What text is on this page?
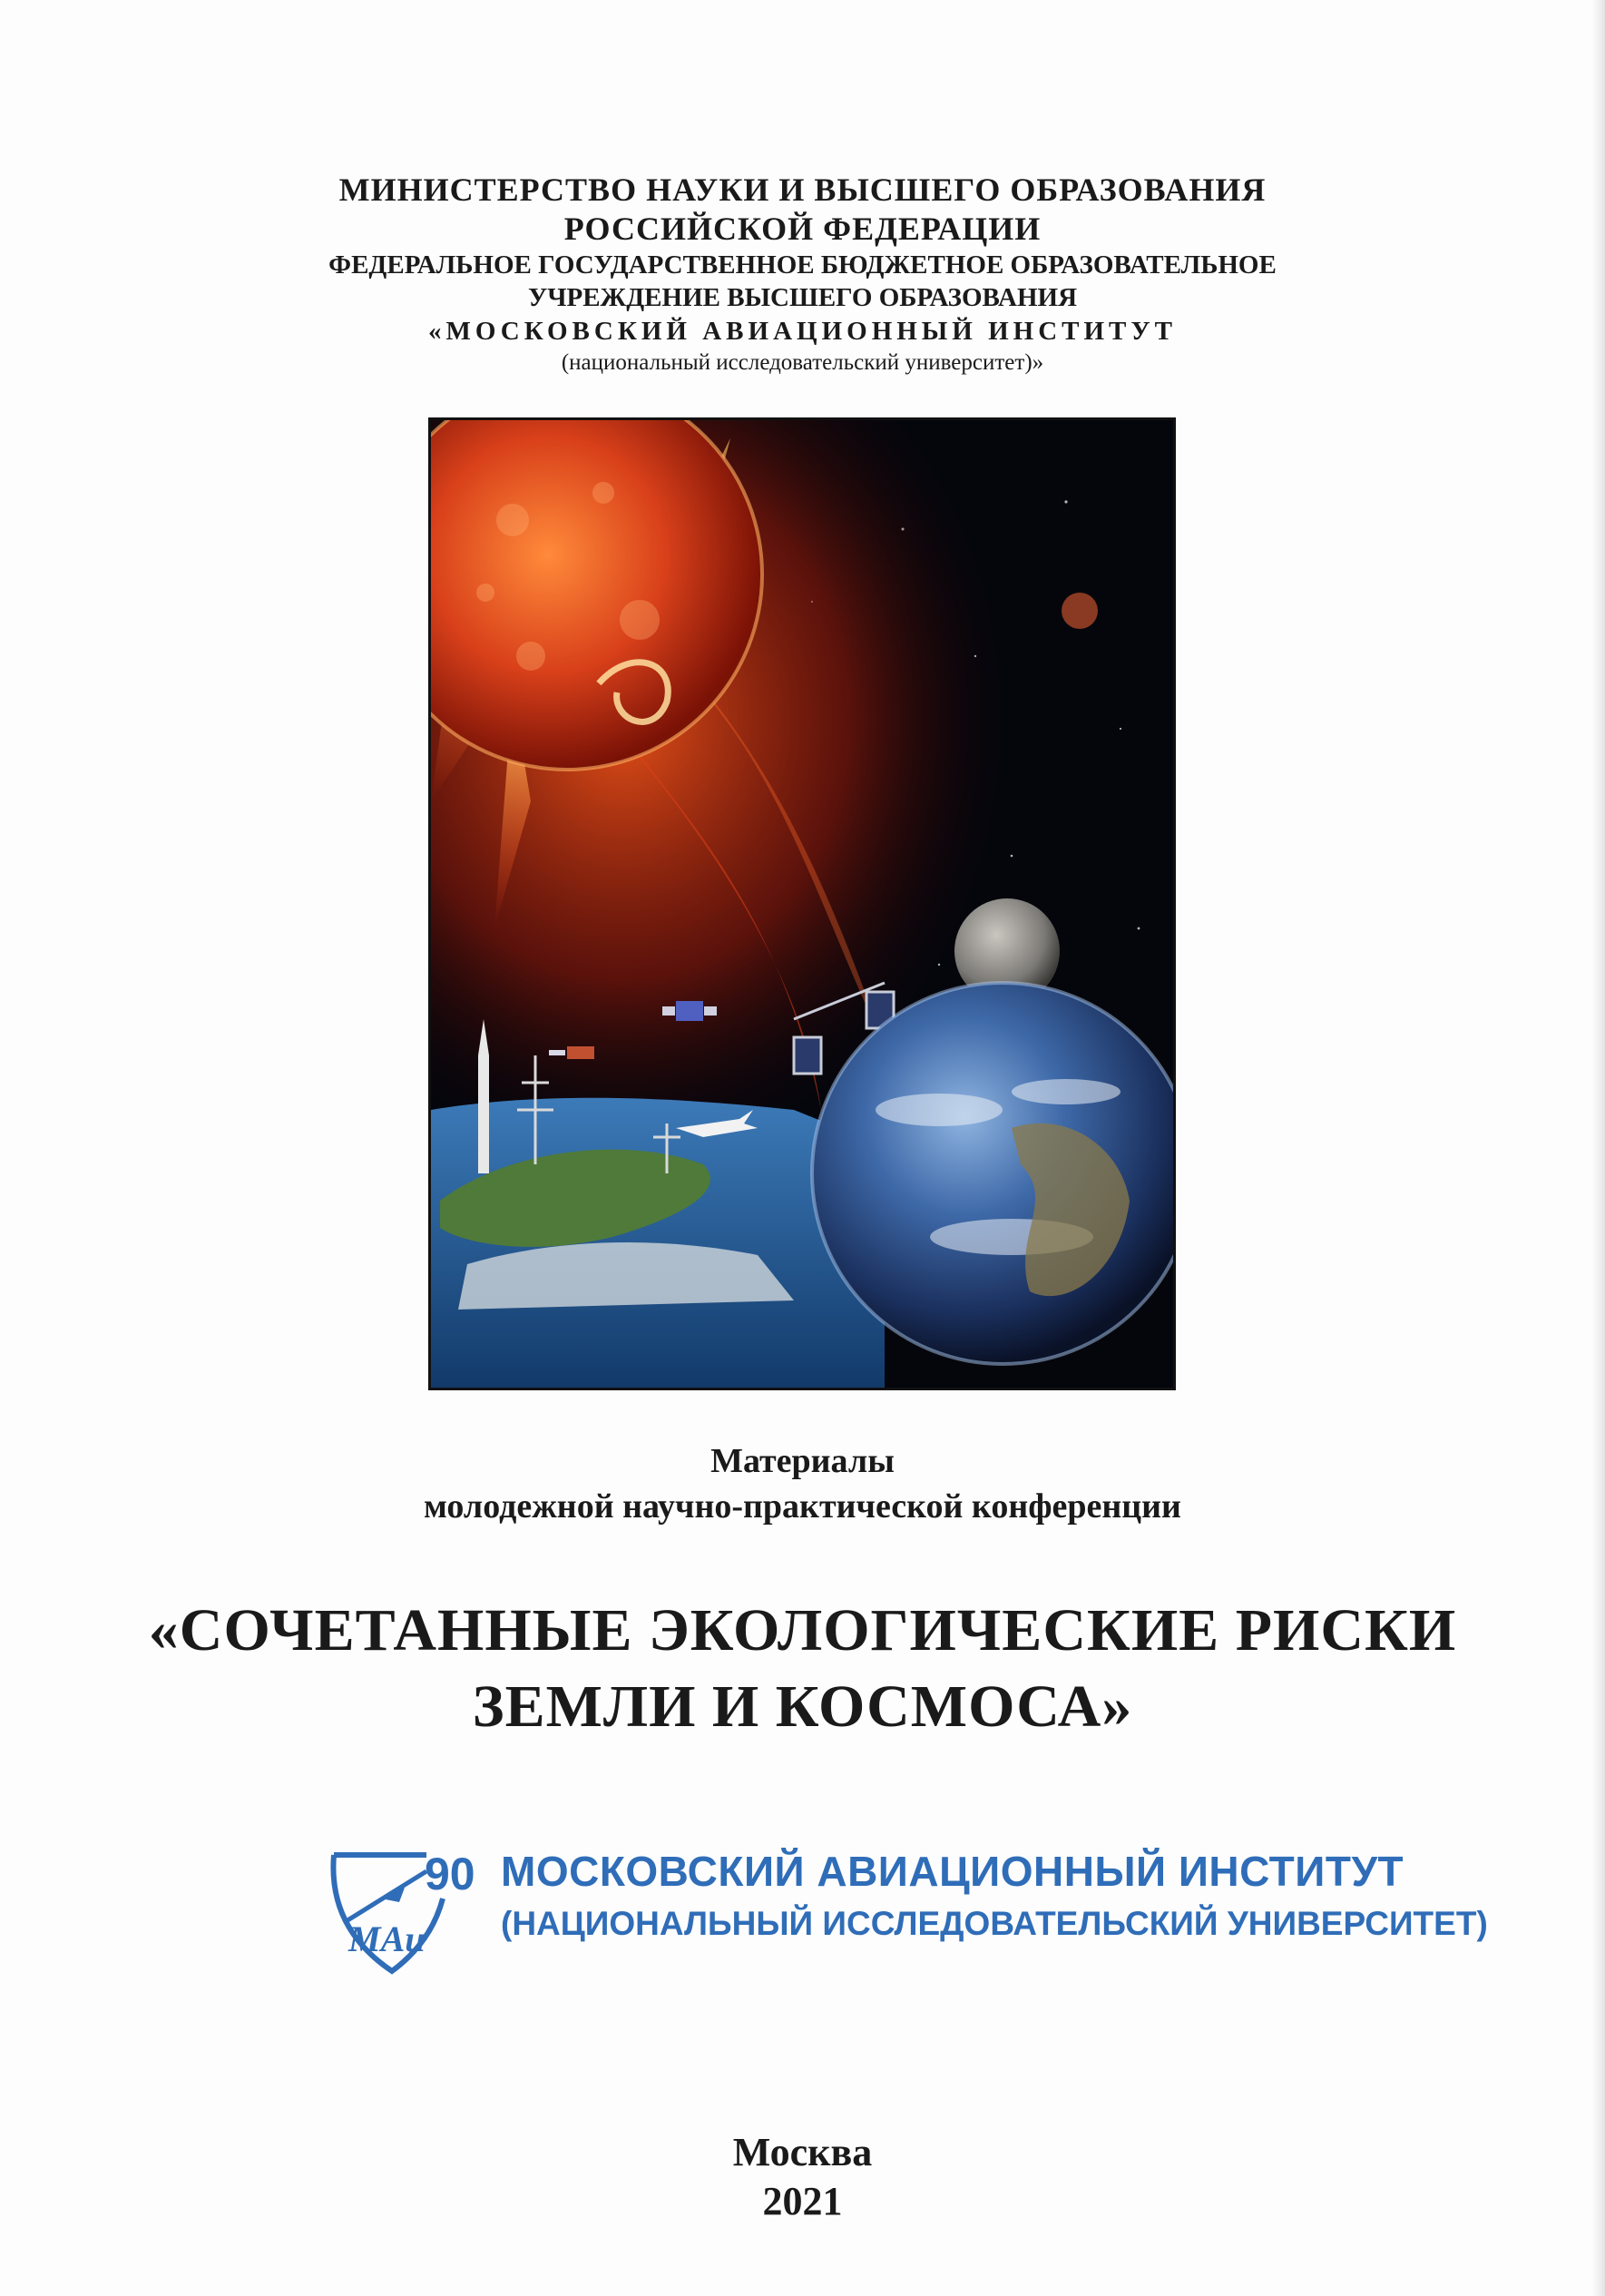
МИНИСТЕРСТВО НАУКИ И ВЫСШЕГО ОБРАЗОВАНИЯ
РОССИЙСКОЙ ФЕДЕРАЦИИ
ФЕДЕРАЛЬНОЕ ГОСУДАРСТВЕННОЕ БЮДЖЕТНОЕ ОБРАЗОВАТЕЛЬНОЕ
УЧРЕЖДЕНИЕ ВЫСШЕГО ОБРАЗОВАНИЯ
«МОСКОВСКИЙ АВИАЦИОННЫЙ ИНСТИТУТ
(национальный исследовательский университет)»
Материалы
молодежной научно-практической конференции
«СОЧЕТАННЫЕ ЭКОЛОГИЧЕСКИЕ РИСКИ
ЗЕМЛИ И КОСМОСА»
90
МАи
МОСКОВСКИЙ АВИАЦИОННЫЙ ИНСТИТУТ
(НАЦИОНАЛЬНЫЙ ИССЛЕДОВАТЕЛЬСКИЙ УНИВЕРСИТЕТ)
Москва
2021
